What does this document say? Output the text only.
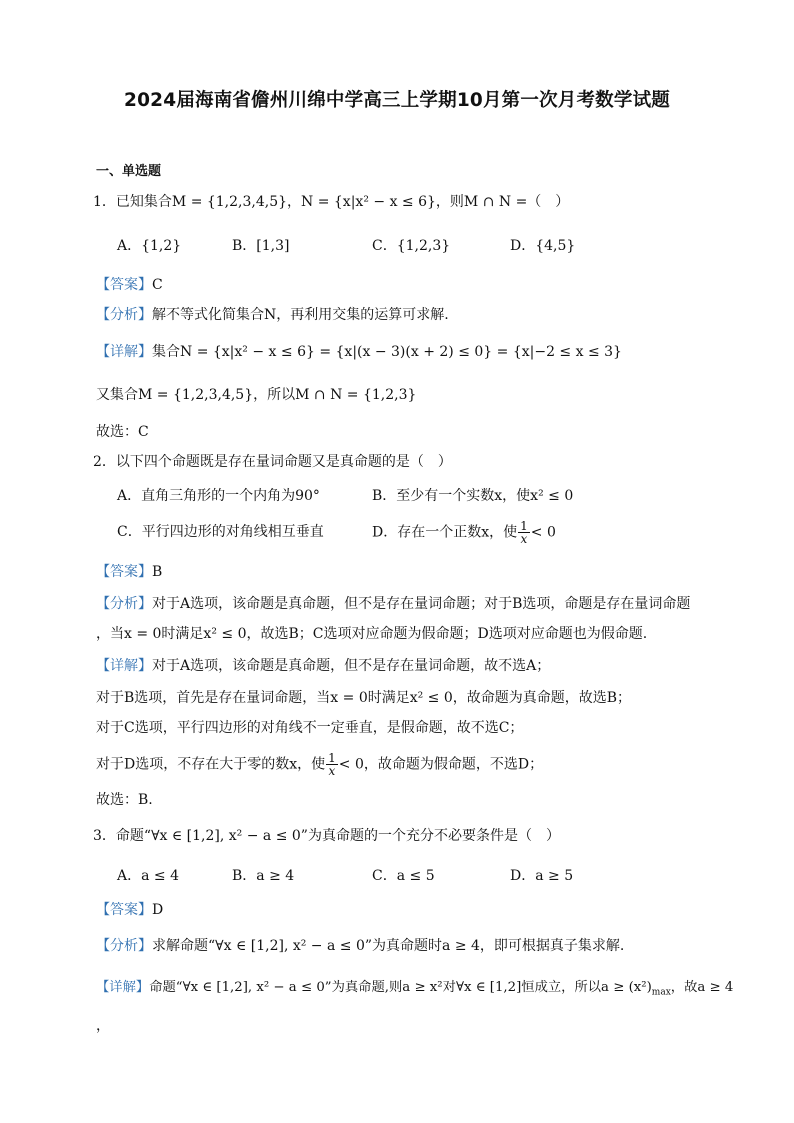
2024届海南省儋州川绵中学高三上学期10月第一次月考数学试题
一、单选题
1．已知集合M = {1,2,3,4,5}，N = {x|x² − x ≤ 6}，则M ∩ N =（　）
A．{1,2}	B．[1,3]	C．{1,2,3}	D．{4,5}
【答案】C
【分析】解不等式化简集合N，再利用交集的运算可求解.
【详解】集合N = {x|x² − x ≤ 6} = {x|(x − 3)(x + 2) ≤ 0} = {x|−2 ≤ x ≤ 3}
又集合M = {1,2,3,4,5}，所以M ∩ N = {1,2,3}
故选：C
2．以下四个命题既是存在量词命题又是真命题的是（　）
A．直角三角形的一个内角为90°	B．至少有一个实数x，使x² ≤ 0
C．平行四边形的对角线相互垂直	D．存在一个正数x，使 $\frac{1}{x} < 0$
【答案】B
【分析】对于A选项，该命题是真命题，但不是存在量词命题；对于B选项，命题是存在量词命题
，当x = 0时满足x² ≤ 0，故选B；C选项对应命题为假命题；D选项对应命题也为假命题.
【详解】对于A选项，该命题是真命题，但不是存在量词命题，故不选A；
对于B选项，首先是存在量词命题，当x = 0时满足x² ≤ 0，故命题为真命题，故选B；
对于C选项，平行四边形的对角线不一定垂直，是假命题，故不选C；
对于D选项，不存在大于零的数x，使 $\frac{1}{x} < 0$，故命题为假命题，不选D；
故选：B.
3．命题“∀x ∈ [1,2], x² − a ≤ 0”为真命题的一个充分不必要条件是（　）
A．a ≤ 4	B．a ≥ 4	C．a ≤ 5	D．a ≥ 5
【答案】D
【分析】求解命题“∀x ∈ [1,2], x² − a ≤ 0”为真命题时a ≥ 4，即可根据真子集求解.
【详解】命题“∀x ∈ [1,2], x² − a ≤ 0”为真命题,则a ≥ x²对∀x ∈ [1,2]恒成立，所以$a \ge (x^2)_{max}$，故a ≥ 4
，
